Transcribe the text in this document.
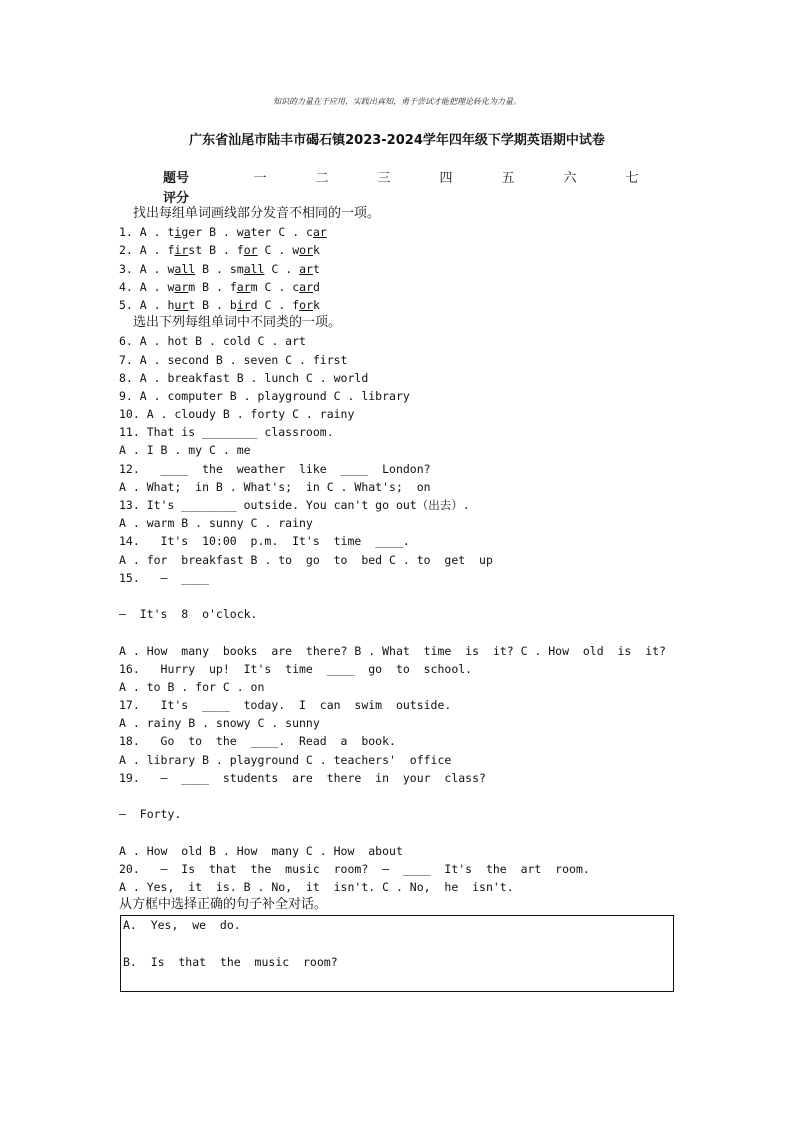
知识的力量在于应用，实践出真知，勇于尝试才能把理论转化为力量。
广东省汕尾市陆丰市碣石镇2023-2024学年四年级下学期英语期中试卷
题号	一	二	三	四	五	六	七
评分
找出每组单词画线部分发音不相同的一项。
1. A . tiger B . water C . car
2. A . first B . for C . work
3. A . wall B . small C . art
4. A . warm B . farm C . card
5. A . hurt B . bird C . fork
选出下列每组单词中不同类的一项。
6. A . hot B . cold C . art
7. A . second B . seven C . first
8. A . breakfast B . lunch C . world
9. A . computer B . playground C . library
10. A . cloudy B . forty C . rainy
11. That is ________ classroom.
A . I B . my C . me
12.   ____  the  weather  like  ____  London?
A . What;  in B . What's;  in C . What's;  on
13. It's ________ outside. You can't go out（出去）.
A . warm B . sunny C . rainy
14.   It's  10:00  p.m.  It's  time  ____.
A . for  breakfast B . to  go  to  bed C . to  get  up
15.   —  ____
—  It's  8  o'clock.
A . How  many  books  are  there? B . What  time  is  it? C . How  old  is  it?
16.   Hurry  up!  It's  time  ____  go  to  school.
A . to B . for C . on
17.   It's  ____  today.  I  can  swim  outside.
A . rainy B . snowy C . sunny
18.   Go  to  the  ____.  Read  a  book.
A . library B . playground C . teachers'  office
19.   —  ____  students  are  there  in  your  class?
—  Forty.
A . How  old B . How  many C . How  about
20.   —  Is  that  the  music  room?  —  ____  It's  the  art  room.
A . Yes,  it  is. B . No,  it  isn't. C . No,  he  isn't.
从方框中选择正确的句子补全对话。
A.  Yes,  we  do.
B.  Is  that  the  music  room?
